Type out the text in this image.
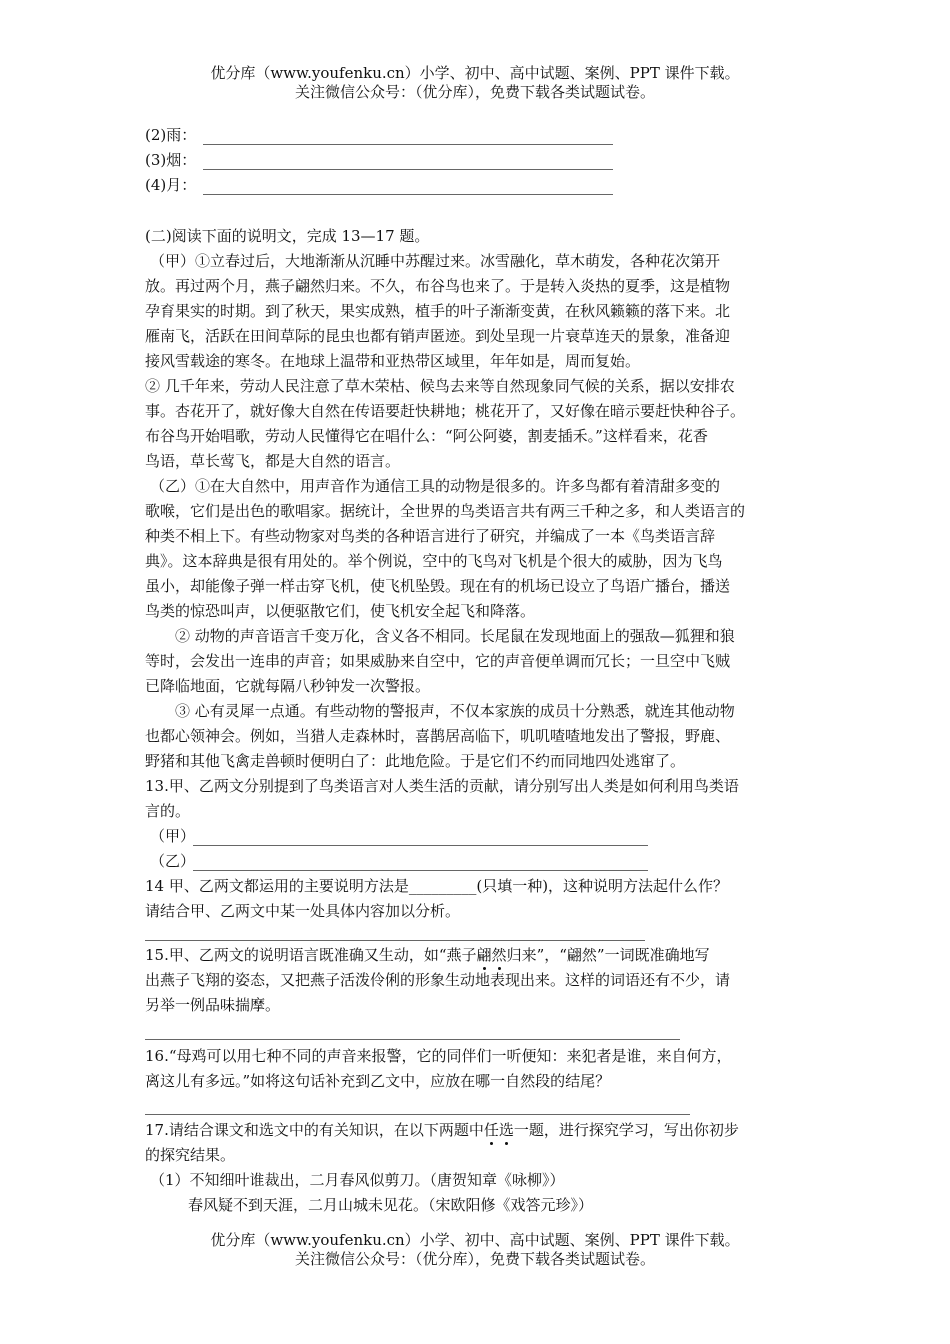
优分库（www.youfenku.cn）小学、初中、高中试题、案例、PPT 课件下载。
关注微信公众号：（优分库），免费下载各类试题试卷。
(2)雨：
(3)烟：
(4)月：
(二)阅读下面的说明文，完成 13—17 题。
（甲）①立春过后，大地渐渐从沉睡中苏醒过来。冰雪融化，草木萌发，各种花次第开
放。再过两个月，燕子翩然归来。不久，布谷鸟也来了。于是转入炎热的夏季，这是植物
孕育果实的时期。到了秋天，果实成熟，植手的叶子渐渐变黄，在秋风籁籁的落下来。北
雁南飞，活跃在田间草际的昆虫也都有销声匿迹。到处呈现一片衰草连天的景象，准备迎
接风雪载途的寒冬。在地球上温带和亚热带区域里，年年如是，周而复始。
② 几千年来，劳动人民注意了草木荣枯、候鸟去来等自然现象同气候的关系，据以安排农
事。杏花开了，就好像大自然在传语要赶快耕地；桃花开了，又好像在暗示要赶快种谷子。
布谷鸟开始唱歌，劳动人民懂得它在唱什么：“阿公阿婆，割麦插禾。”这样看来，花香
鸟语，草长莺飞，都是大自然的语言。
（乙）①在大自然中，用声音作为通信工具的动物是很多的。许多鸟都有着清甜多变的
歌喉，它们是出色的歌唱家。据统计，全世界的鸟类语言共有两三千种之多，和人类语言的
种类不相上下。有些动物家对鸟类的各种语言进行了研究，并编成了一本《鸟类语言辞
典》。这本辞典是很有用处的。举个例说，空中的飞鸟对飞机是个很大的威胁，因为飞鸟
虽小，却能像子弹一样击穿飞机，使飞机坠毁。现在有的机场已设立了鸟语广播台，播送
鸟类的惊恐叫声，以便驱散它们，使飞机安全起飞和降落。
② 动物的声音语言千变万化，含义各不相同。长尾鼠在发现地面上的强敌—狐狸和狼
等时，会发出一连串的声音；如果威胁来自空中，它的声音便单调而冗长；一旦空中飞贼
已降临地面，它就每隔八秒钟发一次警报。
③ 心有灵犀一点通。有些动物的警报声，不仅本家族的成员十分熟悉，就连其他动物
也都心领神会。例如，当猎人走森林时，喜鹊居高临下，叽叽喳喳地发出了警报，野鹿、
野猪和其他飞禽走兽顿时便明白了：此地危险。于是它们不约而同地四处逃窜了。
13.甲、乙两文分别提到了鸟类语言对人类生活的贡献，请分别写出人类是如何利用鸟类语
言的。
（甲）
（乙）
14 甲、乙两文都运用的主要说明方法是_________(只填一种)，这种说明方法起什么作？
请结合甲、乙两文中某一处具体内容加以分析。
15.甲、乙两文的说明语言既准确又生动，如“燕子翩然归来”，“翩然”一词既准确地写
出燕子飞翔的姿态，又把燕子活泼伶俐的形象生动地表现出来。这样的词语还有不少，请
另举一例品味揣摩。
16.“母鸡可以用七种不同的声音来报警，它的同伴们一听便知：来犯者是谁，来自何方，
离这儿有多远。”如将这句话补充到乙文中，应放在哪一自然段的结尾？
17.请结合课文和选文中的有关知识，在以下两题中任选一题，进行探究学习，写出你初步
的探究结果。
（1）不知细叶谁裁出，二月春风似剪刀。（唐贺知章《咏柳》）
春风疑不到天涯，二月山城未见花。（宋欧阳修《戏答元珍》）
优分库（www.youfenku.cn）小学、初中、高中试题、案例、PPT 课件下载。
关注微信公众号：（优分库），免费下载各类试题试卷。
